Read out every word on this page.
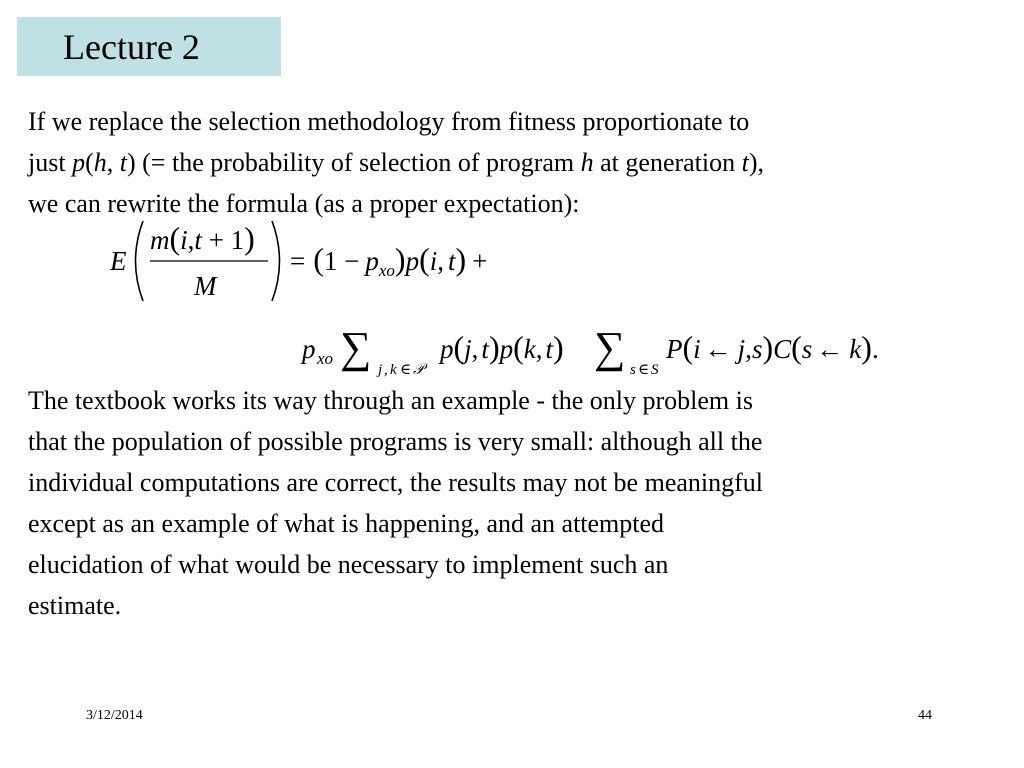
Lecture 2
If we replace the selection methodology from fitness proportionate to
just p(h, t) (= the probability of selection of program h at generation t),
we can rewrite the formula (as a proper expectation):
E
m(i,t + 1)
M
= $(1 - p_{xo})p(i$, t) +
p xo ∑ j , k ∈ 𝒫
p(j, t)p(k, t) ∑ s ∈ S
P(i ← j,s)C(s ← k).
The textbook works its way through an example - the only problem is
that the population of possible programs is very small: although all the
individual computations are correct, the results may not be meaningful
except as an example of what is happening, and an attempted
elucidation of what would be necessary to implement such an
estimate.
3/12/2014	44
